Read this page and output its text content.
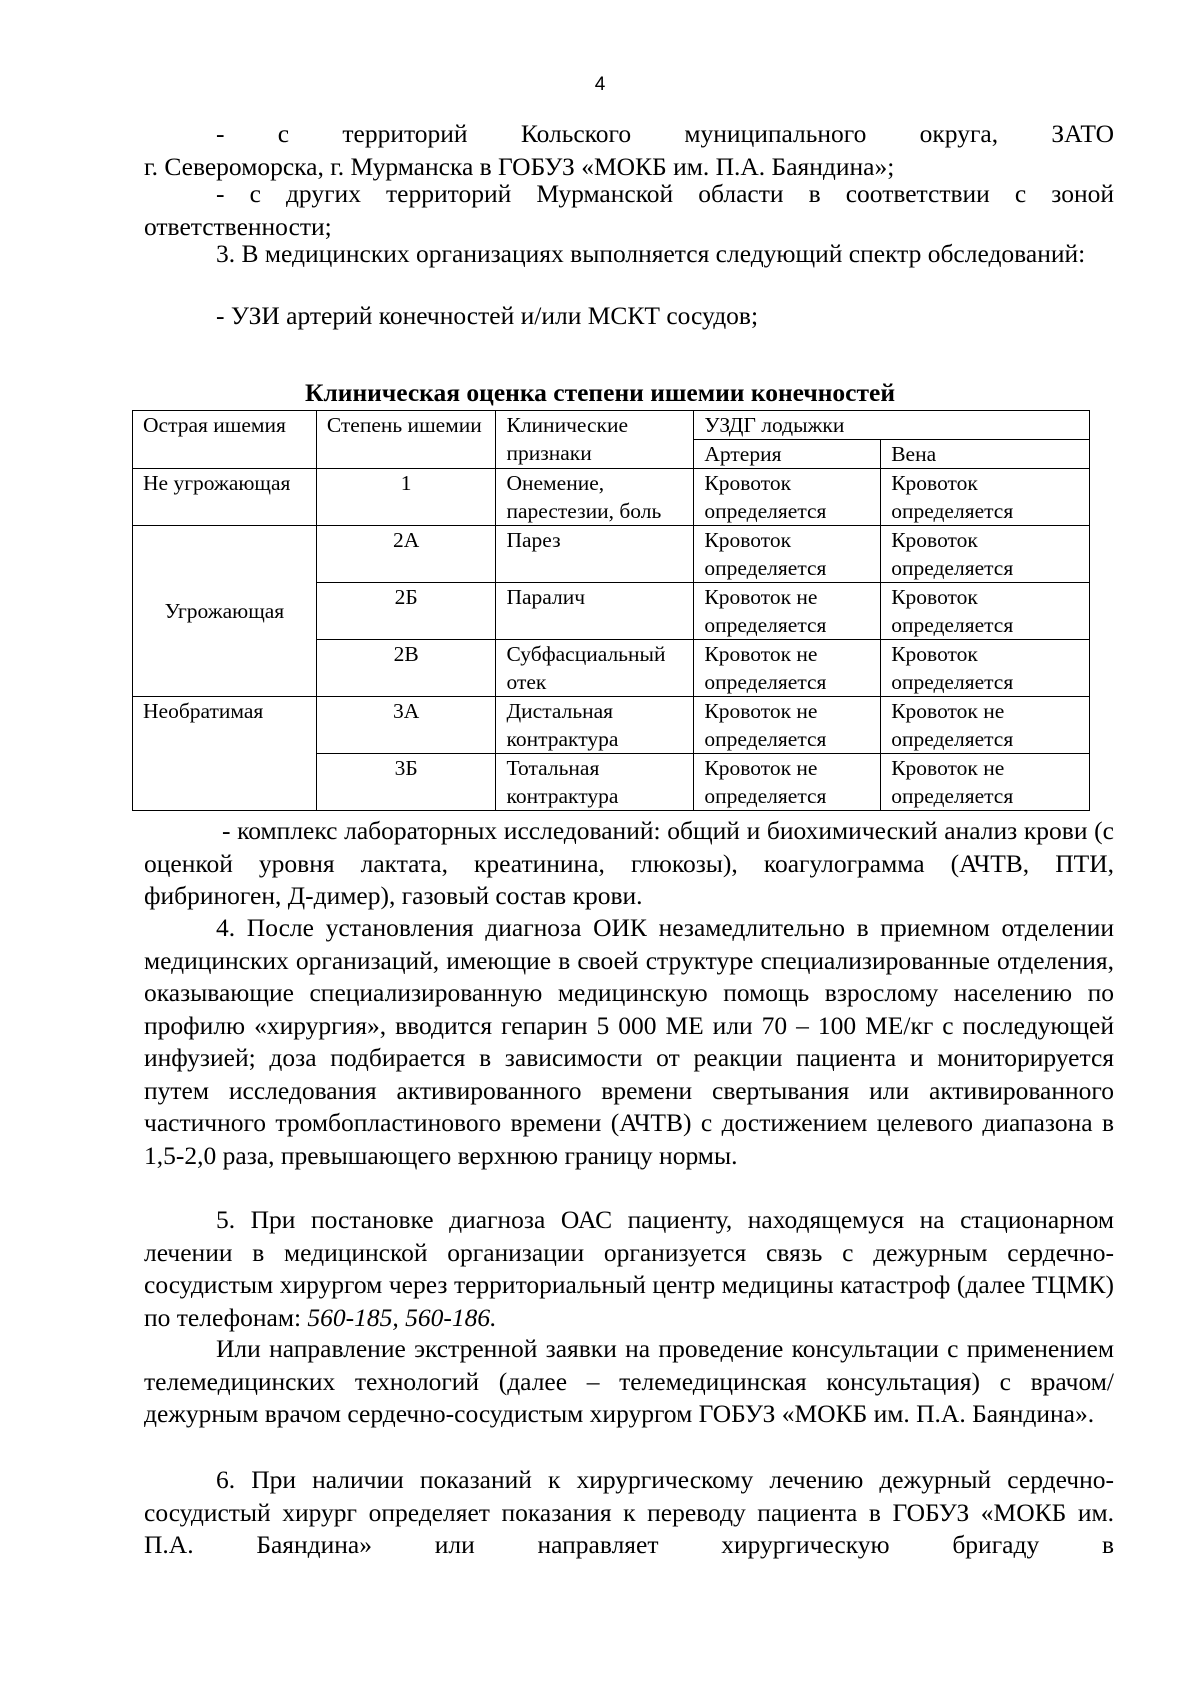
4
- с территорий Кольского муниципального округа, ЗАТО
г. Североморска, г. Мурманска в ГОБУЗ «МОКБ им. П.А. Баяндина»;

- с других территорий Мурманской области в соответствии с зоной ответственности;

3. В медицинских организациях выполняется следующий спектр обследований:

- УЗИ артерий конечностей и/или МСКТ сосудов;

Клиническая оценка степени ишемии конечностей
Острая ишемия	Степень ишемии	Клинические признаки	УЗДГ лодыжки	
			Артерия	Вена
Не угрожающая	1	Онемение, парестезии, боль	Кровоток определяется	Кровоток определяется
Угрожающая	2А	Парез	Кровоток определяется	Кровоток определяется
	2Б	Паралич	Кровоток не определяется	Кровоток определяется
	2В	Субфасциальный отек	Кровоток не определяется	Кровоток определяется
Необратимая	3А	Дистальная контрактура	Кровоток не определяется	Кровоток не определяется
	3Б	Тотальная контрактура	Кровоток не определяется	Кровоток не определяется

- комплекс лабораторных исследований: общий и биохимический анализ крови (с оценкой уровня лактата, креатинина, глюкозы), коагулограмма (АЧТВ, ПТИ, фибриноген, Д-димер), газовый состав крови.

4. После установления диагноза ОИК незамедлительно в приемном отделении медицинских организаций, имеющие в своей структуре специализированные отделения, оказывающие специализированную медицинскую помощь взрослому населению по профилю «хирургия», вводится гепарин 5 000 МЕ или 70 – 100 МЕ/кг с последующей инфузией; доза подбирается в зависимости от реакции пациента и мониторируется путем исследования активированного времени свертывания или активированного частичного тромбопластинового времени (АЧТВ) с достижением целевого диапазона в 1,5-2,0 раза, превышающего верхнюю границу нормы.

5. При постановке диагноза ОАС пациенту, находящемуся на стационарном лечении в медицинской организации организуется связь с дежурным сердечно-сосудистым хирургом через территориальный центр медицины катастроф (далее ТЦМК) по телефонам: 560-185, 560-186.

Или направление экстренной заявки на проведение консультации с применением телемедицинских технологий (далее – телемедицинская консультация) с врачом/дежурным врачом сердечно-сосудистым хирургом ГОБУЗ «МОКБ им. П.А. Баяндина».

6. При наличии показаний к хирургическому лечению дежурный сердечно-сосудистый хирург определяет показания к переводу пациента в ГОБУЗ «МОКБ им. П.А. Баяндина» или направляет хирургическую бригаду в
